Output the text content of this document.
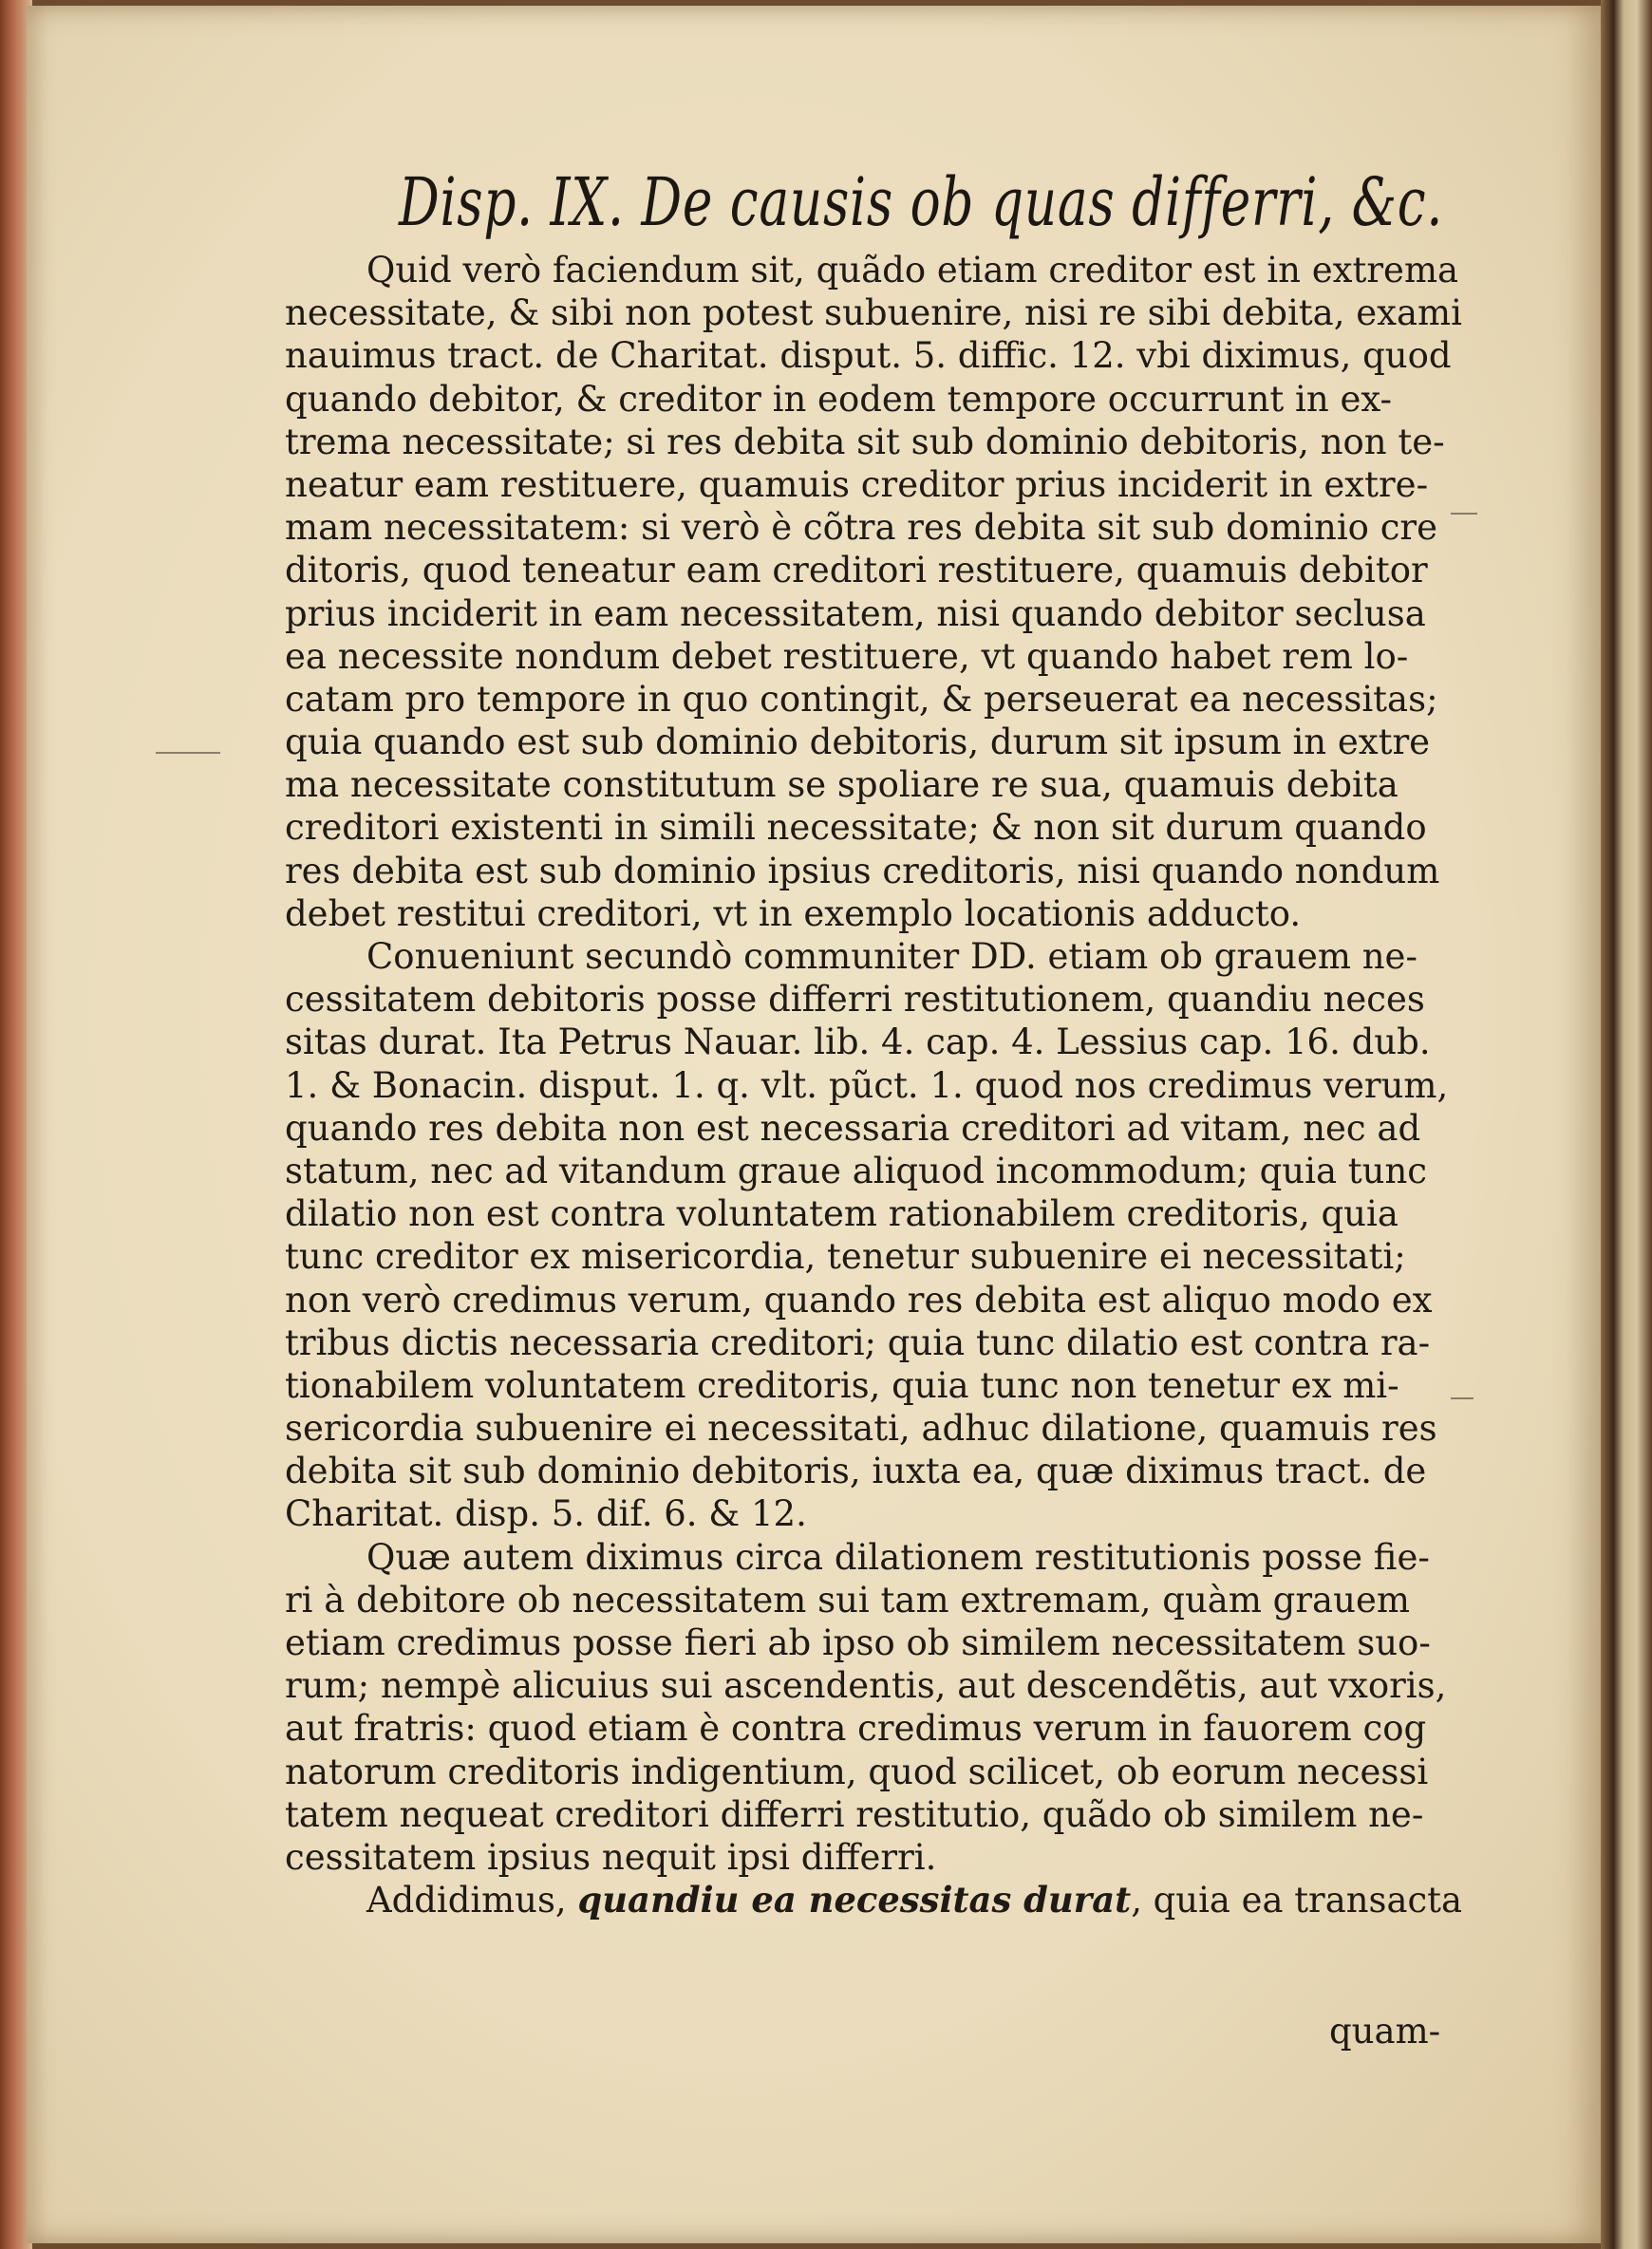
Disp. IX. De causis ob quas differri, &c.
Quid verò faciendum sit, quãdo etiam creditor est in extrema
necessitate, & sibi non potest subuenire, nisi re sibi debita, exami
nauimus tract. de Charitat. disput. 5. diffic. 12. vbi diximus, quod
quando debitor, & creditor in eodem tempore occurrunt in ex-
trema necessitate; si res debita sit sub dominio debitoris, non te-
neatur eam restituere, quamuis creditor prius inciderit in extre-
mam necessitatem: si verò è cõtra res debita sit sub dominio cre
ditoris, quod teneatur eam creditori restituere, quamuis debitor
prius inciderit in eam necessitatem, nisi quando debitor seclusa
ea necessite nondum debet restituere, vt quando habet rem lo-
catam pro tempore in quo contingit, & perseuerat ea necessitas;
quia quando est sub dominio debitoris, durum sit ipsum in extre
ma necessitate constitutum se spoliare re sua, quamuis debita
creditori existenti in simili necessitate; & non sit durum quando
res debita est sub dominio ipsius creditoris, nisi quando nondum
debet restitui creditori, vt in exemplo locationis adducto.
Conueniunt secundò communiter DD. etiam ob grauem ne-
cessitatem debitoris posse differri restitutionem, quandiu neces
sitas durat. Ita Petrus Nauar. lib. 4. cap. 4. Lessius cap. 16. dub.
1. & Bonacin. disput. 1. q. vlt. pũct. 1. quod nos credimus verum,
quando res debita non est necessaria creditori ad vitam, nec ad
statum, nec ad vitandum graue aliquod incommodum; quia tunc
dilatio non est contra voluntatem rationabilem creditoris, quia
tunc creditor ex misericordia, tenetur subuenire ei necessitati;
non verò credimus verum, quando res debita est aliquo modo ex
tribus dictis necessaria creditori; quia tunc dilatio est contra ra-
tionabilem voluntatem creditoris, quia tunc non tenetur ex mi-
sericordia subuenire ei necessitati, adhuc dilatione, quamuis res
debita sit sub dominio debitoris, iuxta ea, quæ diximus tract. de
Charitat. disp. 5. dif. 6. & 12.
Quæ autem diximus circa dilationem restitutionis posse fie-
ri à debitore ob necessitatem sui tam extremam, quàm grauem
etiam credimus posse fieri ab ipso ob similem necessitatem suo-
rum; nempè alicuius sui ascendentis, aut descendẽtis, aut vxoris,
aut fratris: quod etiam è contra credimus verum in fauorem cog
natorum creditoris indigentium, quod scilicet, ob eorum necessi
tatem nequeat creditori differri restitutio, quãdo ob similem ne-
cessitatem ipsius nequit ipsi differri.
Addidimus, quandiu ea necessitas durat, quia ea transacta
quam-
